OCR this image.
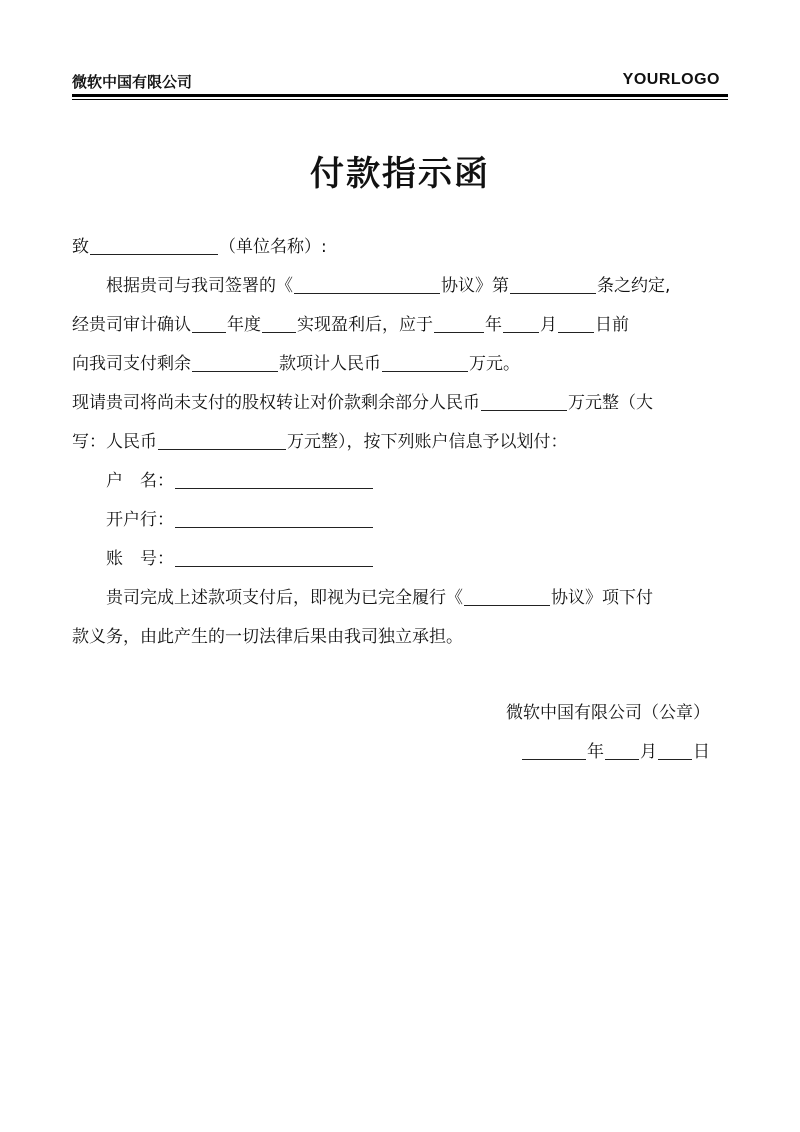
微软中国有限公司	YOURLOGO
付款指示函
致	（单位名称）:
根据贵司与我司签署的《	协议》第	条之约定,
经贵司审计确认 年度 实现盈利后，应于	年 月 日前
向我司支付剩余	款项计人民币	万元。
现请贵司将尚未支付的股权转让对价款剩余部分人民币	万元整（大
写：人民币	万元整），按下列账户信息予以划付：
户　名：
开户行：
账　号：
贵司完成上述款项支付后，即视为已完全履行《	协议》项下付
款义务，由此产生的一切法律后果由我司独立承担。
微软中国有限公司（公章）
年 月 日
